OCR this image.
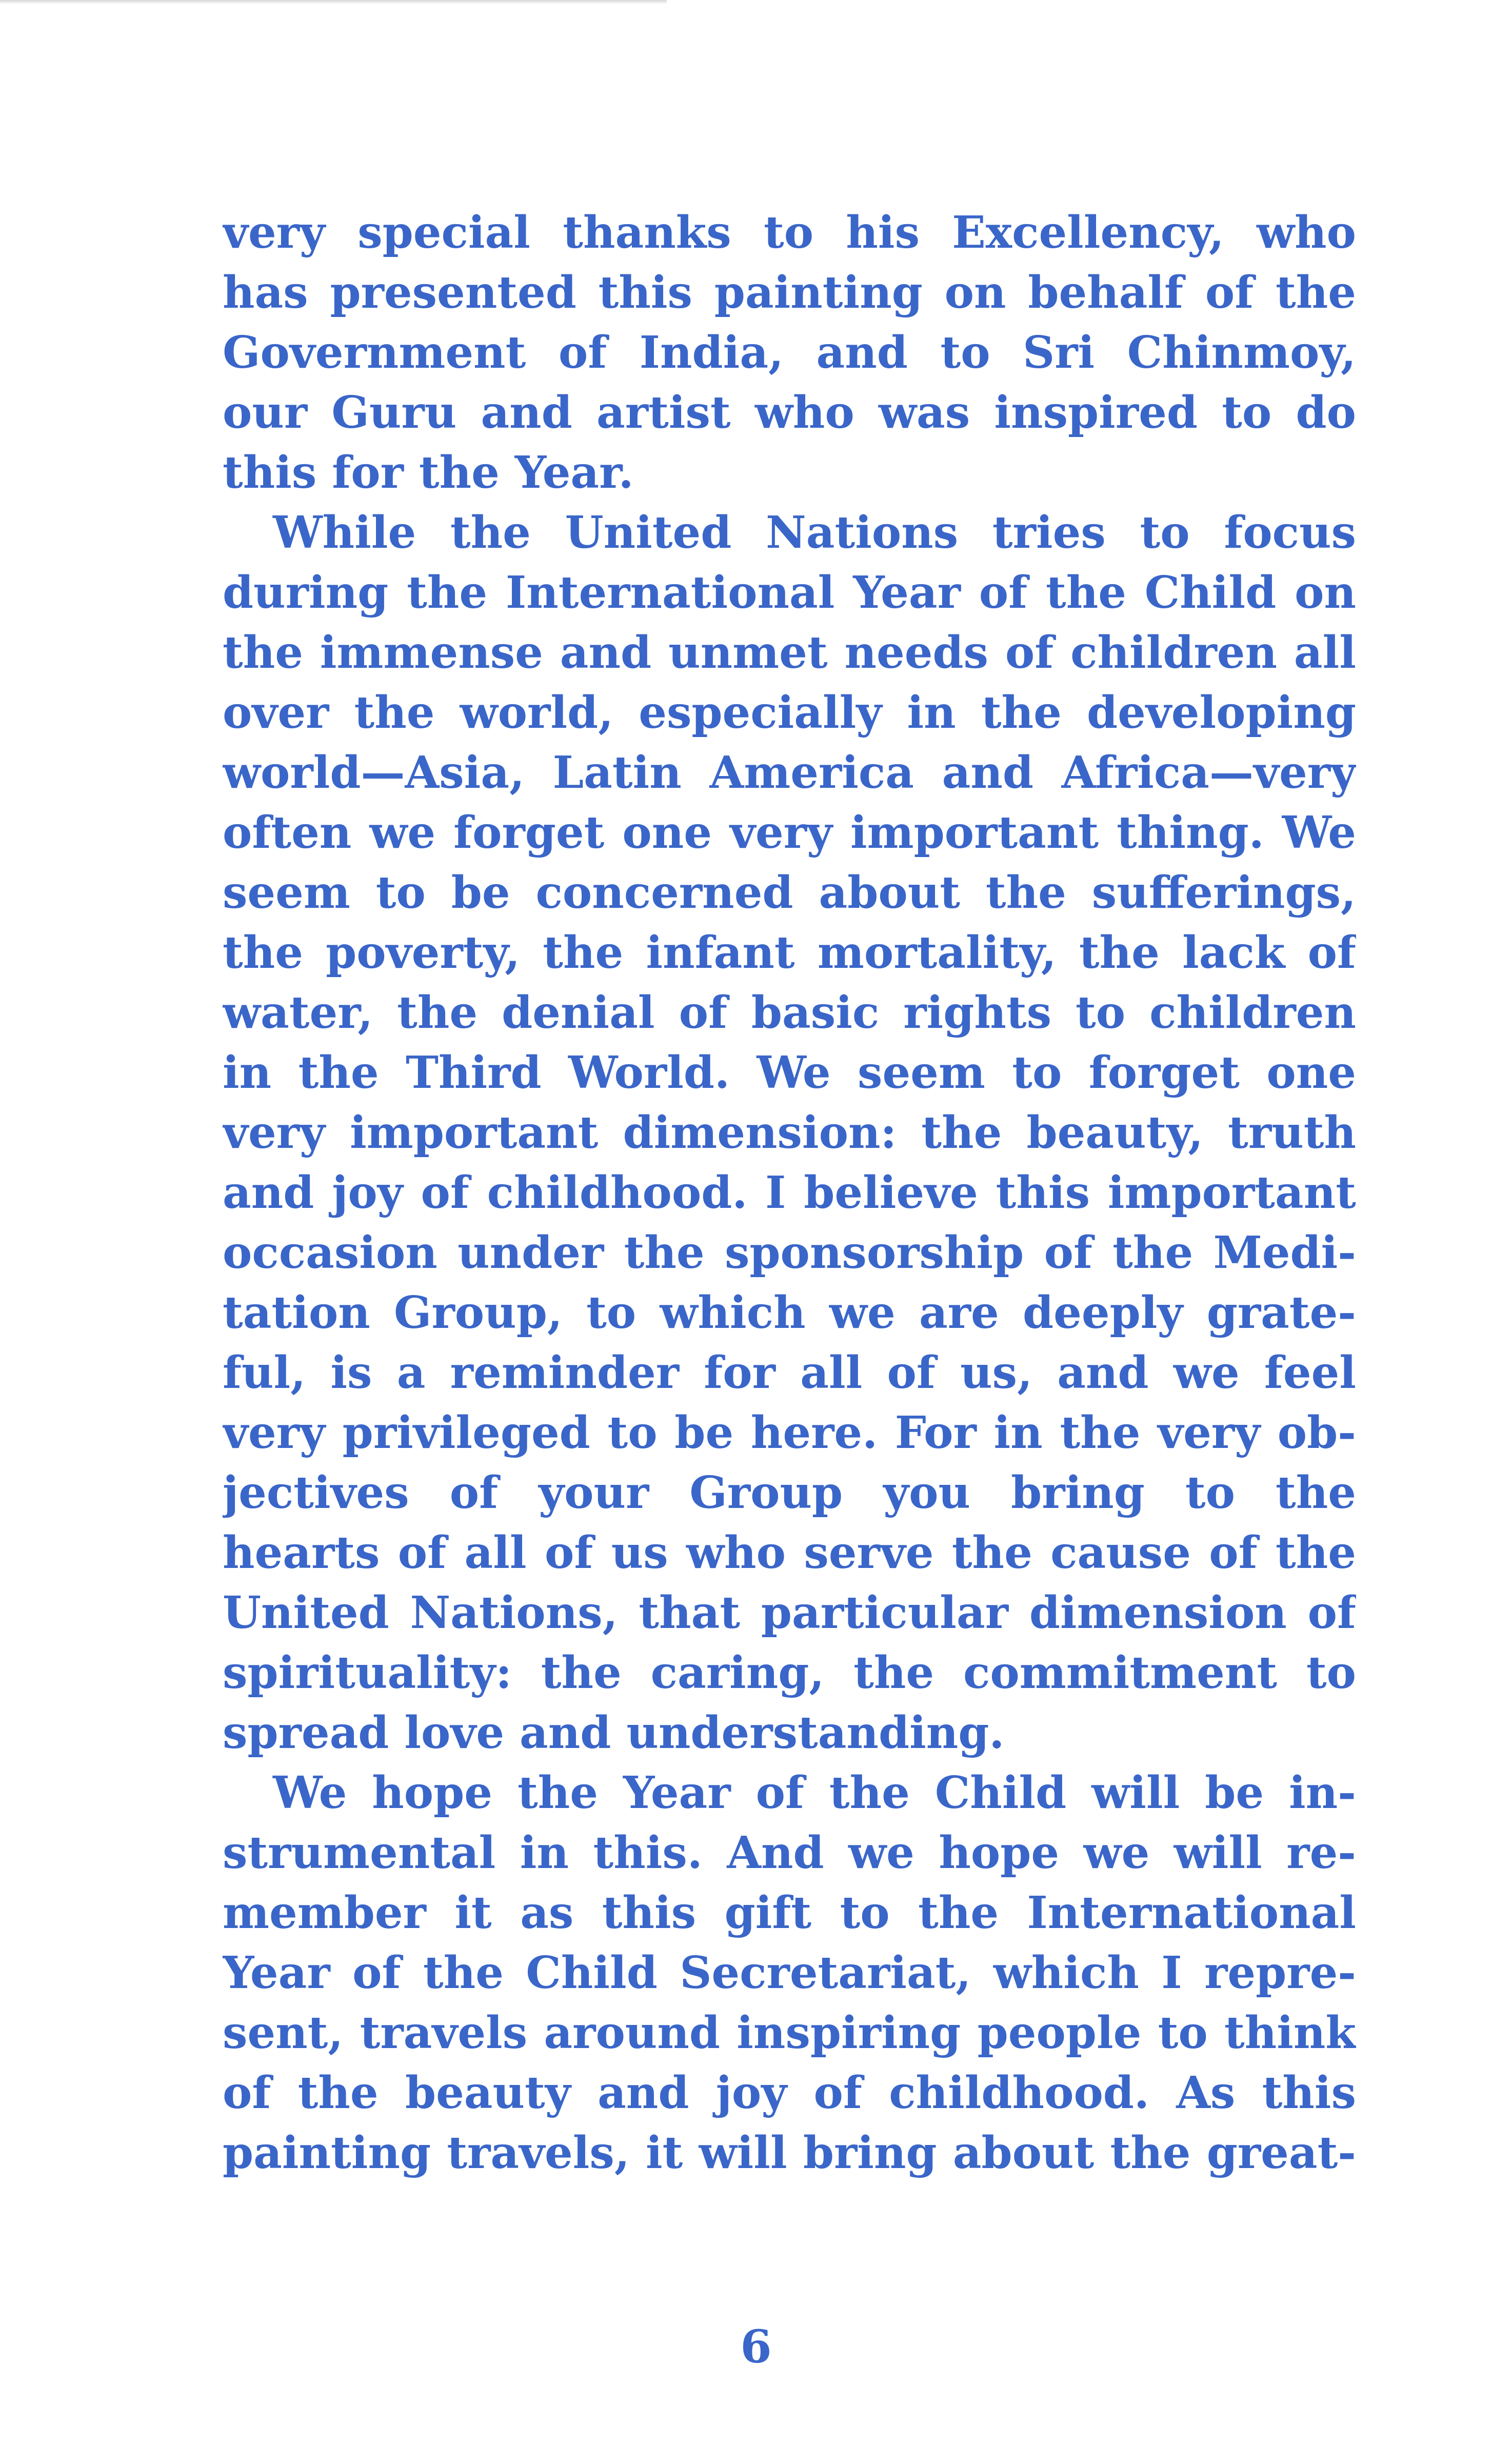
very special thanks to his Excellency, who
has presented this painting on behalf of the
Government of India, and to Sri Chinmoy,
our Guru and artist who was inspired to do
this for the Year.
While the United Nations tries to focus
during the International Year of the Child on
the immense and unmet needs of children all
over the world, especially in the developing
world—Asia, Latin America and Africa—very
often we forget one very important thing. We
seem to be concerned about the sufferings,
the poverty, the infant mortality, the lack of
water, the denial of basic rights to children
in the Third World. We seem to forget one
very important dimension: the beauty, truth
and joy of childhood. I believe this important
occasion under the sponsorship of the Medi-
tation Group, to which we are deeply grate-
ful, is a reminder for all of us, and we feel
very privileged to be here. For in the very ob-
jectives of your Group you bring to the
hearts of all of us who serve the cause of the
United Nations, that particular dimension of
spirituality: the caring, the commitment to
spread love and understanding.
We hope the Year of the Child will be in-
strumental in this. And we hope we will re-
member it as this gift to the International
Year of the Child Secretariat, which I repre-
sent, travels around inspiring people to think
of the beauty and joy of childhood. As this
painting travels, it will bring about the great-
6
